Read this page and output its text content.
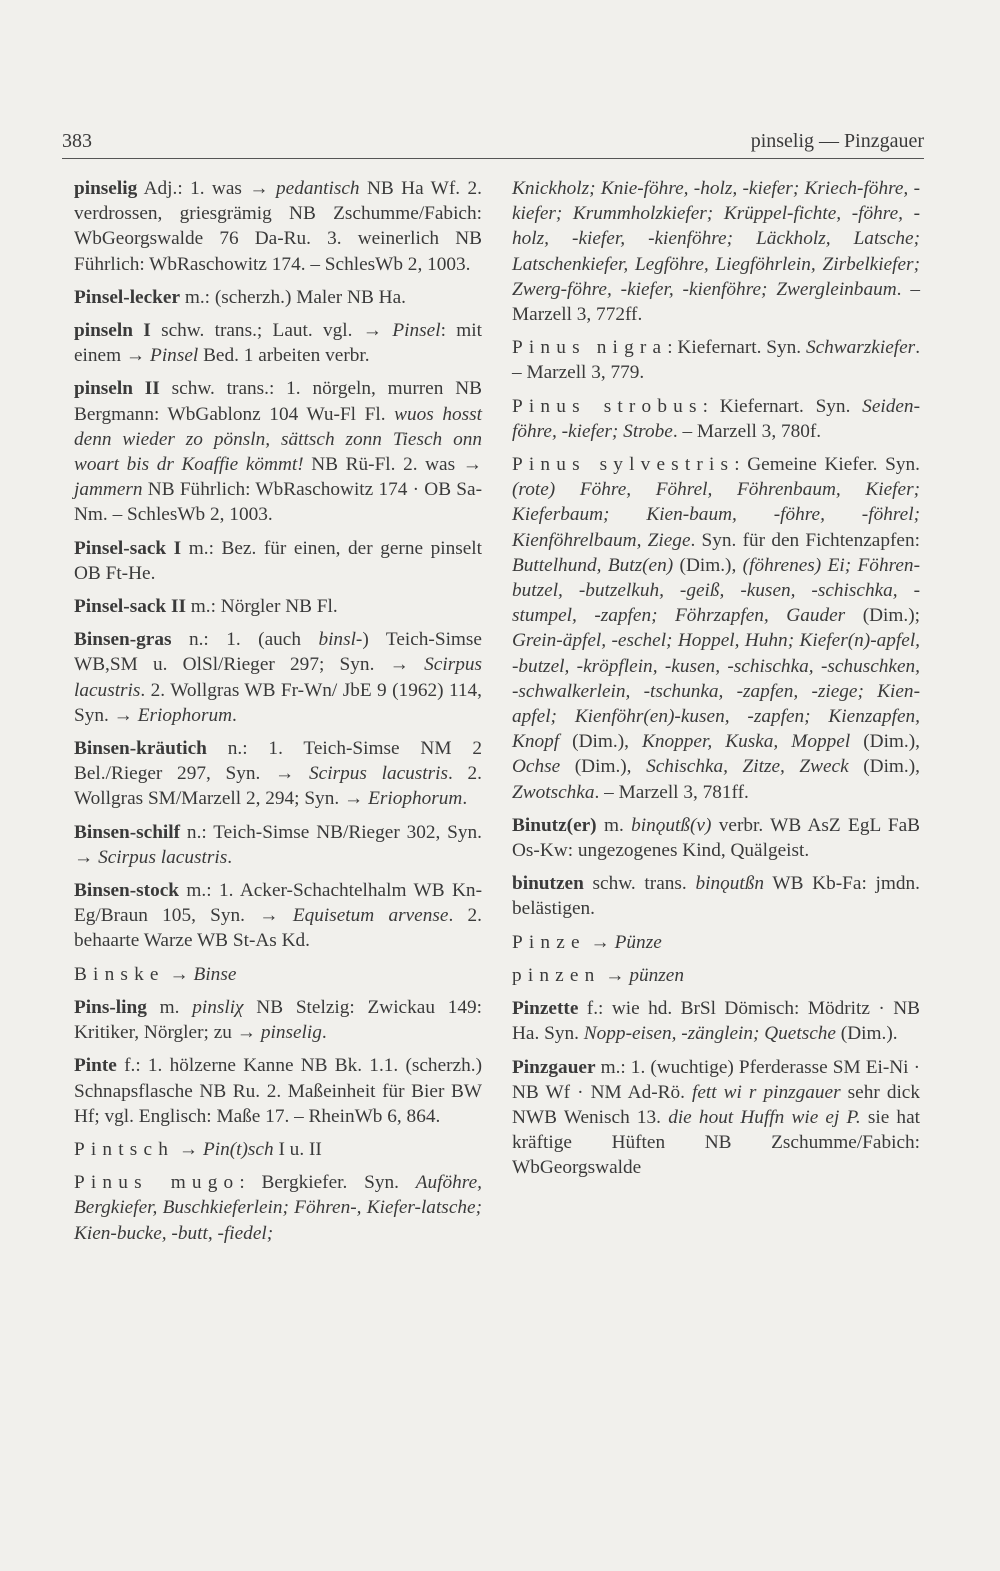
383	pinselig — Pinzgauer

pinselig Adj.: 1. was → pedantisch NB Ha Wf. 2. verdrossen, griesgrämig NB Zschumme/Fabich: WbGeorgswalde 76 Da-Ru. 3. weinerlich NB Führlich: WbRaschowitz 174. – SchlesWb 2, 1003.

Pinsel-lecker m.: (scherzh.) Maler NB Ha.

pinseln I schw. trans.; Laut. vgl. → Pinsel: mit einem → Pinsel Bed. 1 arbeiten verbr.

pinseln II schw. trans.: 1. nörgeln, murren NB Bergmann: WbGablonz 104 Wu-Fl Fl. wuos hosst denn wieder zo pönsln, sättsch zonn Tiesch onn woart bis dr Koaffie kömmt! NB Rü-Fl. 2. was → jammern NB Führlich: WbRaschowitz 174 · OB Sa-Nm. – SchlesWb 2, 1003.

Pinsel-sack I m.: Bez. für einen, der gerne pinselt OB Ft-He.

Pinsel-sack II m.: Nörgler NB Fl.

Binsen-gras n.: 1. (auch binsl-) Teich-Simse WB,SM u. OlSl/Rieger 297; Syn. → Scirpus lacustris. 2. Wollgras WB Fr-Wn/ JbE 9 (1962) 114, Syn. → Eriophorum.

Binsen-kräutich n.: 1. Teich-Simse NM 2 Bel./Rieger 297, Syn. → Scirpus lacustris. 2. Wollgras SM/Marzell 2, 294; Syn. → Eriophorum.

Binsen-schilf n.: Teich-Simse NB/Rieger 302, Syn. → Scirpus lacustris.

Binsen-stock m.: 1. Acker-Schachtelhalm WB Kn-Eg/Braun 105, Syn. → Equisetum arvense. 2. behaarte Warze WB St-As Kd.

Binske → Binse

Pins-ling m. pinsliχ NB Stelzig: Zwickau 149: Kritiker, Nörgler; zu → pinselig.

Pinte f.: 1. hölzerne Kanne NB Bk. 1.1. (scherzh.) Schnapsflasche NB Ru. 2. Maßeinheit für Bier BW Hf; vgl. Englisch: Maße 17. – RheinWb 6, 864.

Pintsch → Pin(t)sch I u. II

Pinus mugo: Bergkiefer. Syn. Auföhre, Bergkiefer, Buschkieferlein; Föhren-, Kiefer-latsche; Kien-bucke, -butt, -fiedel;

Knickholz; Knie-föhre, -holz, -kiefer; Kriech-föhre, -kiefer; Krummholzkiefer; Krüppel-fichte, -föhre, -holz, -kiefer, -kienföhre; Läckholz, Latsche; Latschenkiefer, Legföhre, Liegföhrlein, Zirbelkiefer; Zwerg-föhre, -kiefer, -kienföhre; Zwergleinbaum. – Marzell 3, 772ff.

Pinus nigra: Kiefernart. Syn. Schwarzkiefer. – Marzell 3, 779.

Pinus strobus: Kiefernart. Syn. Seiden-föhre, -kiefer; Strobe. – Marzell 3, 780f.

Pinus sylvestris: Gemeine Kiefer. Syn. (rote) Föhre, Föhrel, Föhrenbaum, Kiefer; Kieferbaum; Kien-baum, -föhre, -föhrel; Kienföhrelbaum, Ziege. Syn. für den Fichtenzapfen: Buttelhund, Butz(en) (Dim.), (föhrenes) Ei; Föhren-butzel, -butzelkuh, -geiß, -kusen, -schischka, -stumpel, -zapfen; Föhrzapfen, Gauder (Dim.); Grein-äpfel, -eschel; Hoppel, Huhn; Kiefer(n)-apfel, -butzel, -kröpflein, -kusen, -schischka, -schuschken, -schwalkerlein, -tschunka, -zapfen, -ziege; Kien-apfel; Kienföhr(en)-kusen, -zapfen; Kienzapfen, Knopf (Dim.), Knopper, Kuska, Moppel (Dim.), Ochse (Dim.), Schischka, Zitze, Zweck (Dim.), Zwotschka. – Marzell 3, 781ff.

Binutz(er) m. binǫutß(v) verbr. WB AsZ EgL FaB Os-Kw: ungezogenes Kind, Quälgeist.

binutzen schw. trans. binǫutßn WB Kb-Fa: jmdn. belästigen.

Pinze → Pünze

pinzen → pünzen

Pinzette f.: wie hd. BrSl Dömisch: Mödritz · NB Ha. Syn. Nopp-eisen, -zänglein; Quetsche (Dim.).

Pinzgauer m.: 1. (wuchtige) Pferderasse SM Ei-Ni · NB Wf · NM Ad-Rö. fett wi r pinzgauer sehr dick NWB Wenisch 13. die hout Huffn wie ej P. sie hat kräftige Hüften NB Zschumme/Fabich: WbGeorgswalde
